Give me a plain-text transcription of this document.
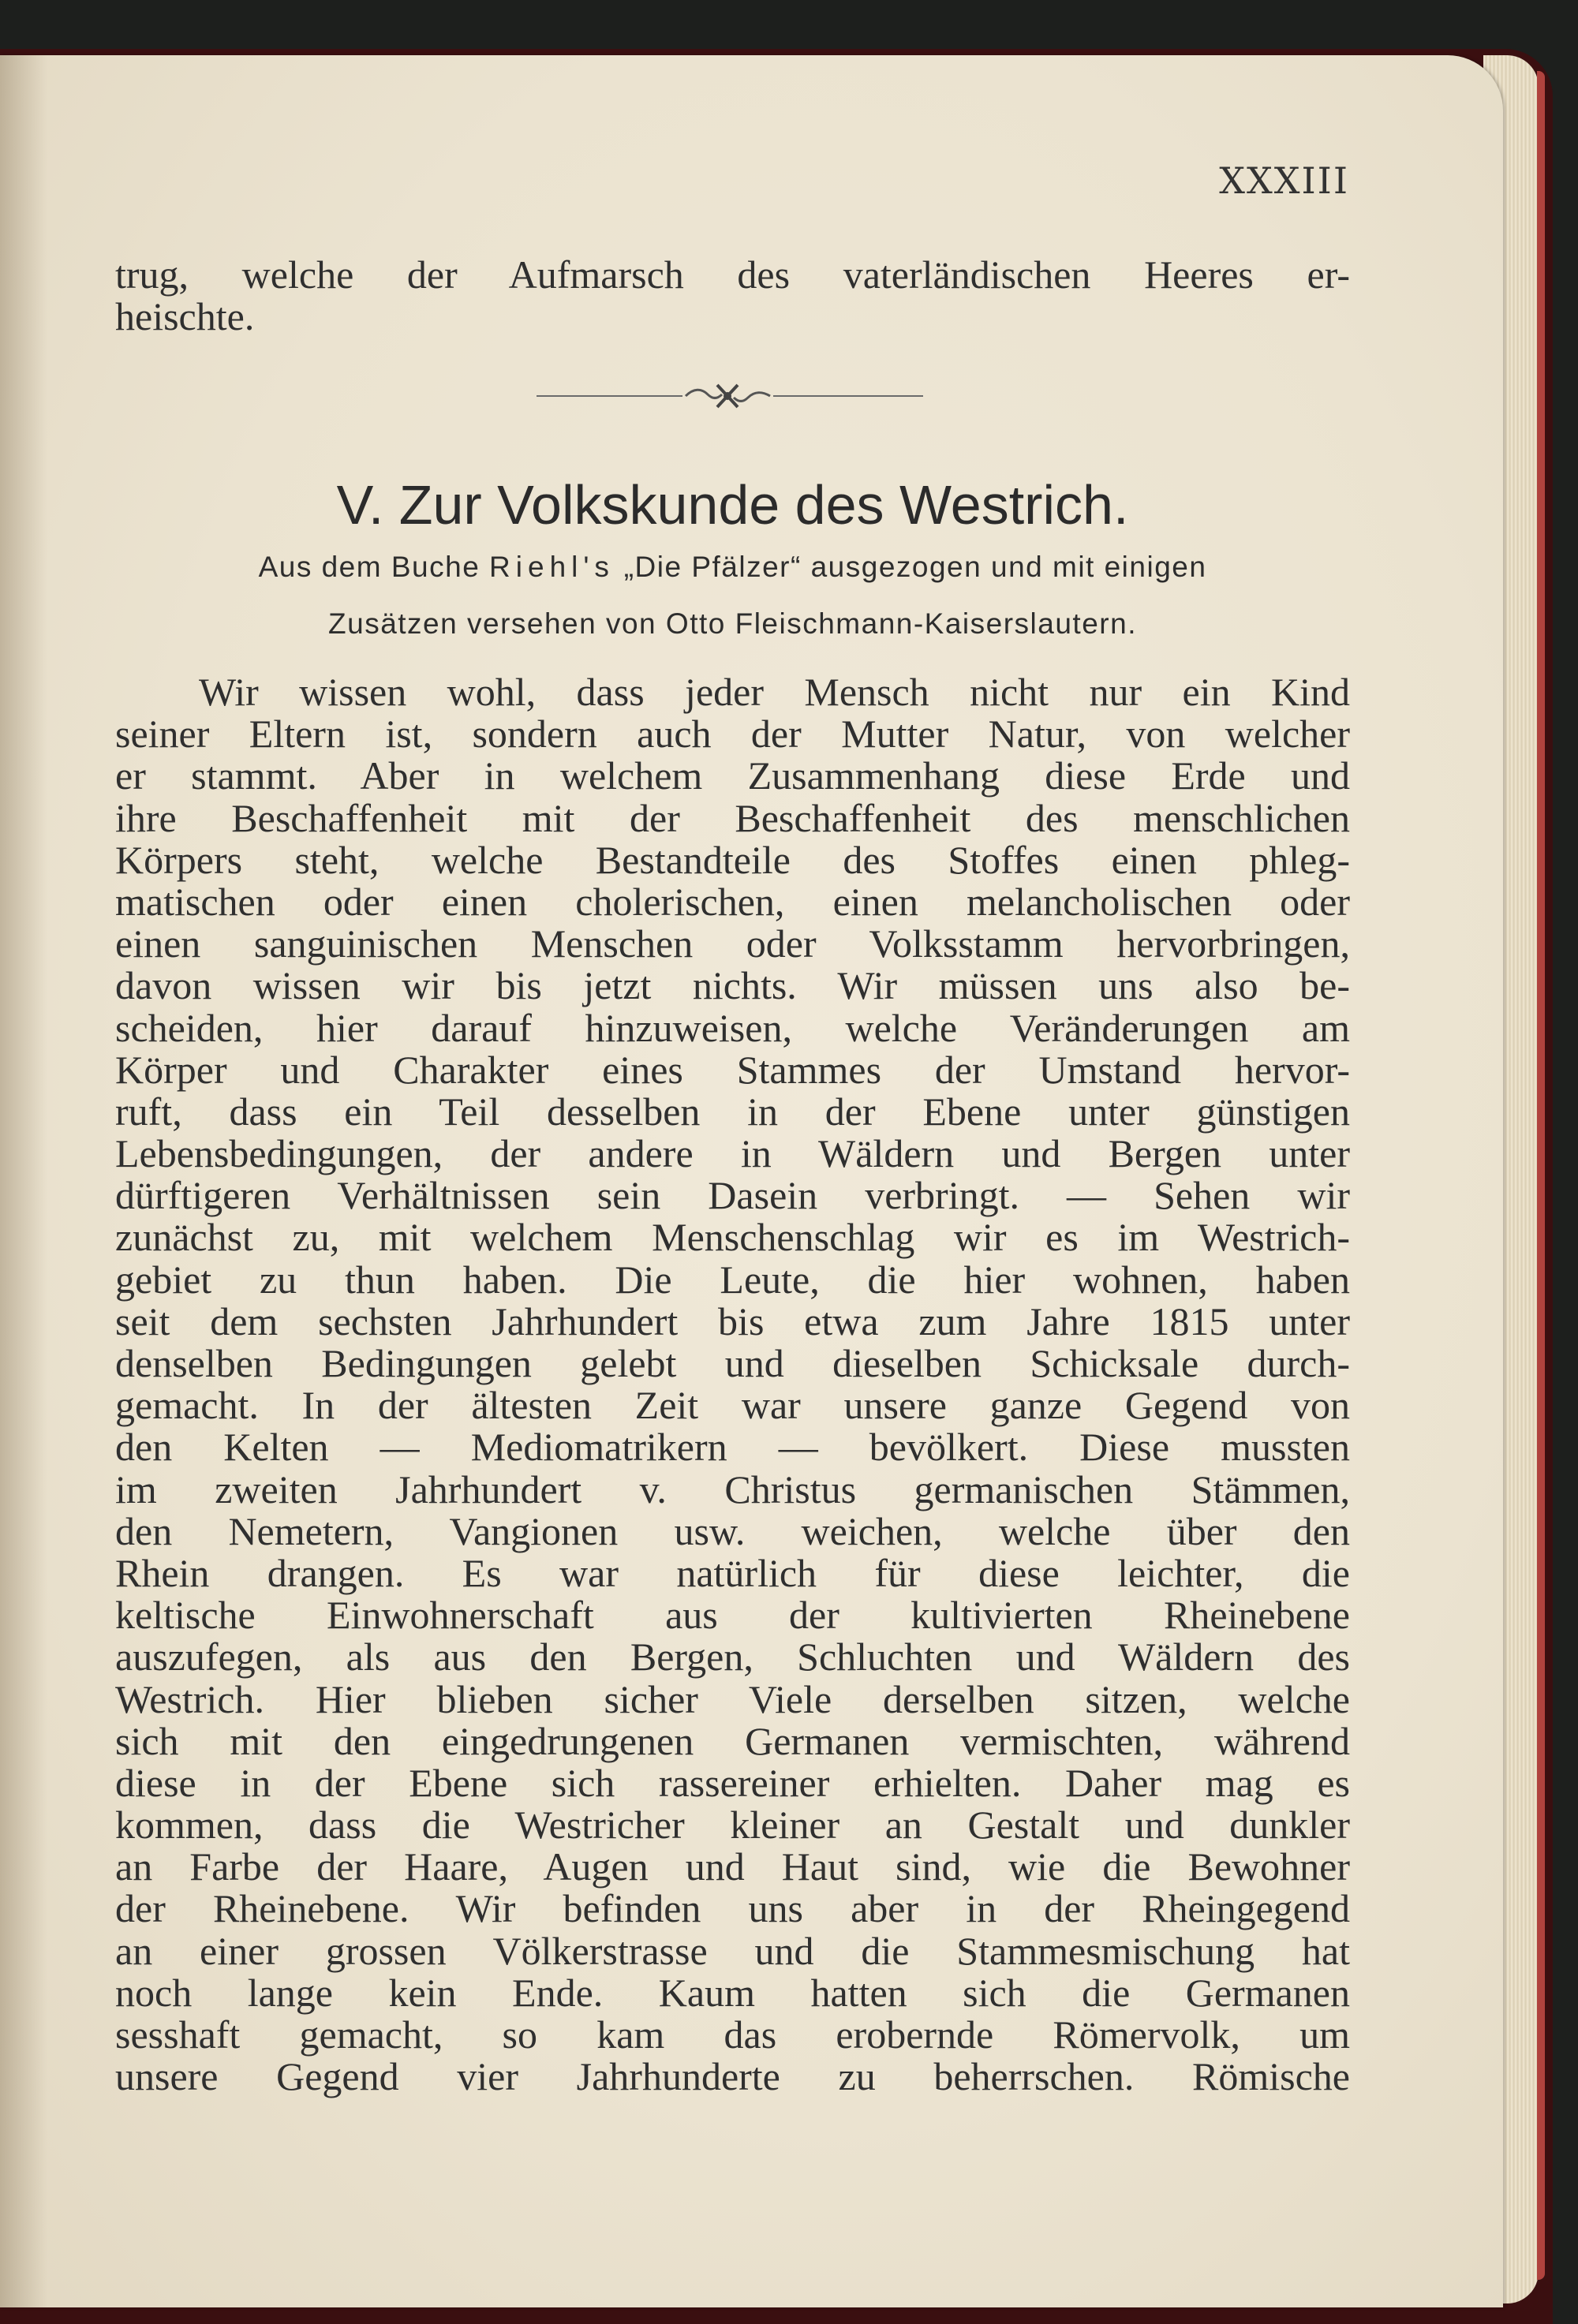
XXXIII
trug, welche der Aufmarsch des vaterländischen Heeres er-
heischte.
V. Zur Volkskunde des Westrich.
Aus dem Buche Riehl's „Die Pfälzer“ ausgezogen und mit einigen
Zusätzen versehen von Otto Fleischmann-Kaiserslautern.
Wir wissen wohl, dass jeder Mensch nicht nur ein Kind
seiner Eltern ist, sondern auch der Mutter Natur, von welcher
er stammt. Aber in welchem Zusammenhang diese Erde und
ihre Beschaffenheit mit der Beschaffenheit des menschlichen
Körpers steht, welche Bestandteile des Stoffes einen phleg-
matischen oder einen cholerischen, einen melancholischen oder
einen sanguinischen Menschen oder Volksstamm hervorbringen,
davon wissen wir bis jetzt nichts. Wir müssen uns also be-
scheiden, hier darauf hinzuweisen, welche Veränderungen am
Körper und Charakter eines Stammes der Umstand hervor-
ruft, dass ein Teil desselben in der Ebene unter günstigen
Lebensbedingungen, der andere in Wäldern und Bergen unter
dürftigeren Verhältnissen sein Dasein verbringt. — Sehen wir
zunächst zu, mit welchem Menschenschlag wir es im Westrich-
gebiet zu thun haben. Die Leute, die hier wohnen, haben
seit dem sechsten Jahrhundert bis etwa zum Jahre 1815 unter
denselben Bedingungen gelebt und dieselben Schicksale durch-
gemacht. In der ältesten Zeit war unsere ganze Gegend von
den Kelten — Mediomatrikern — bevölkert. Diese mussten
im zweiten Jahrhundert v. Christus germanischen Stämmen,
den Nemetern, Vangionen usw. weichen, welche über den
Rhein drangen. Es war natürlich für diese leichter, die
keltische Einwohnerschaft aus der kultivierten Rheinebene
auszufegen, als aus den Bergen, Schluchten und Wäldern des
Westrich. Hier blieben sicher Viele derselben sitzen, welche
sich mit den eingedrungenen Germanen vermischten, während
diese in der Ebene sich rassereiner erhielten. Daher mag es
kommen, dass die Westricher kleiner an Gestalt und dunkler
an Farbe der Haare, Augen und Haut sind, wie die Bewohner
der Rheinebene. Wir befinden uns aber in der Rheingegend
an einer grossen Völkerstrasse und die Stammesmischung hat
noch lange kein Ende. Kaum hatten sich die Germanen
sesshaft gemacht, so kam das erobernde Römervolk, um
unsere Gegend vier Jahrhunderte zu beherrschen. Römische
